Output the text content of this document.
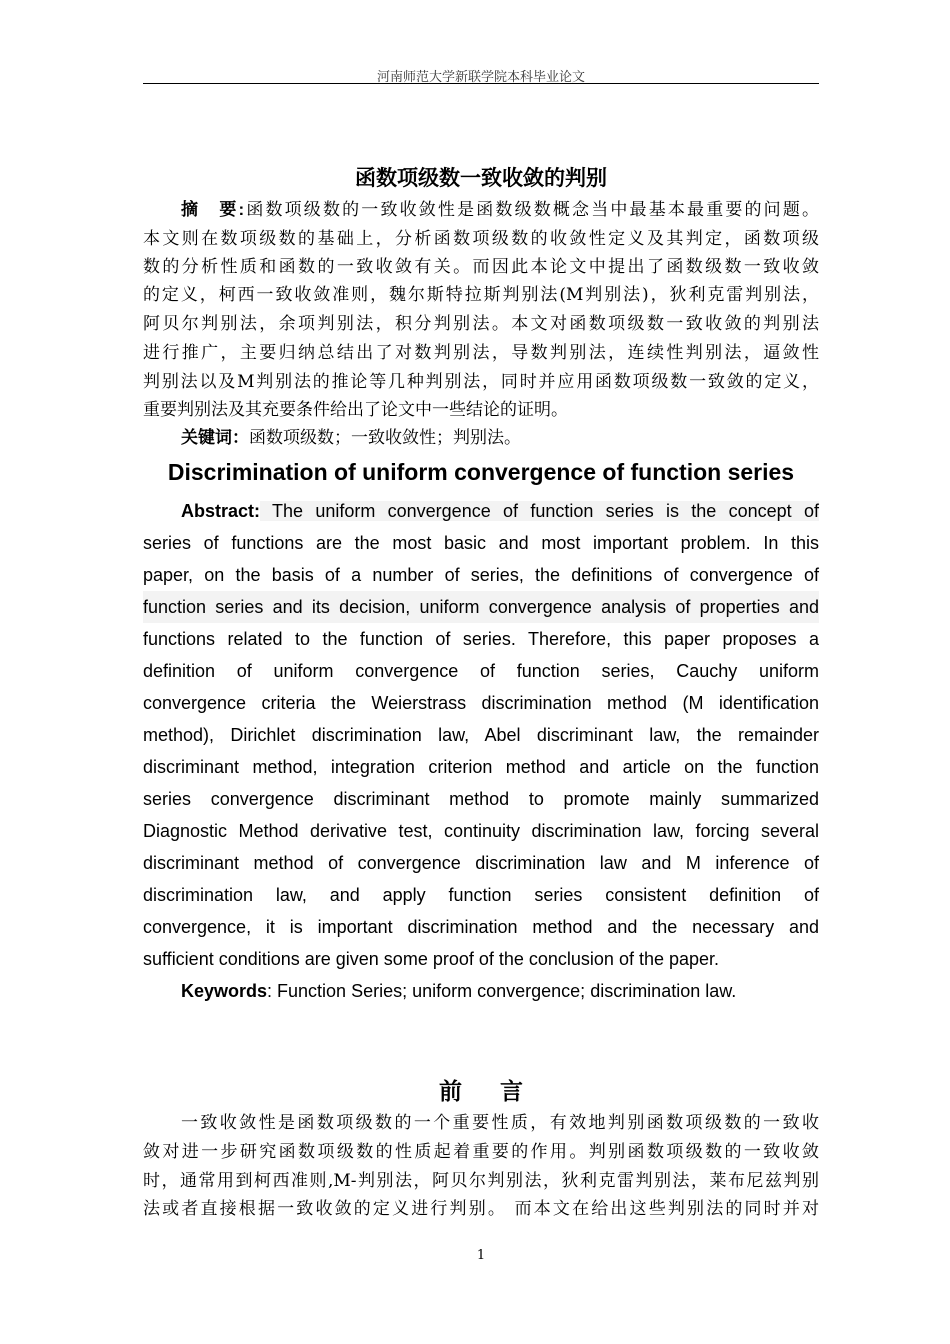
河南师范大学新联学院本科毕业论文
函数项级数一致收敛的判别
摘　要:函数项级数的一致收敛性是函数级数概念当中最基本最重要的问题。
本文则在数项级数的基础上，分析函数项级数的收敛性定义及其判定，函数项级
数的分析性质和函数的一致收敛有关。而因此本论文中提出了函数级数一致收敛
的定义，柯西一致收敛准则，魏尔斯特拉斯判别法(M判别法)，狄利克雷判别法，
阿贝尔判别法，余项判别法，积分判别法。本文对函数项级数一致收敛的判别法
进行推广，主要归纳总结出了对数判别法，导数判别法，连续性判别法，逼敛性
判别法以及M判别法的推论等几种判别法，同时并应用函数项级数一致敛的定义，
重要判别法及其充要条件给出了论文中一些结论的证明。
关键词：函数项级数；一致收敛性；判别法。
Discrimination of uniform convergence of function series
Abstract: The uniform convergence of function series is the concept of
series of functions are the most basic and most important problem. In this
paper, on the basis of a number of series, the definitions of convergence of
function series and its decision, uniform convergence analysis of properties and
functions related to the function of series. Therefore, this paper proposes a
definition of uniform convergence of function series, Cauchy uniform
convergence criteria the Weierstrass discrimination method (M identification
method), Dirichlet discrimination law, Abel discriminant law, the remainder
discriminant method, integration criterion method and article on the function
series convergence discriminant method to promote mainly summarized
Diagnostic Method derivative test, continuity discrimination law, forcing several
discriminant method of convergence discrimination law and M inference of
discrimination law, and apply function series consistent definition of
convergence, it is important discrimination method and the necessary and
sufficient conditions are given some proof of the conclusion of the paper.
Keywords: Function Series; uniform convergence; discrimination law.
前言
一致收敛性是函数项级数的一个重要性质，有效地判别函数项级数的一致收
敛对进一步研究函数项级数的性质起着重要的作用。判别函数项级数的一致收敛
时，通常用到柯西准则,M-判别法，阿贝尔判别法，狄利克雷判别法，莱布尼兹判别
法或者直接根据一致收敛的定义进行判别。 而本文在给出这些判别法的同时并对
1
